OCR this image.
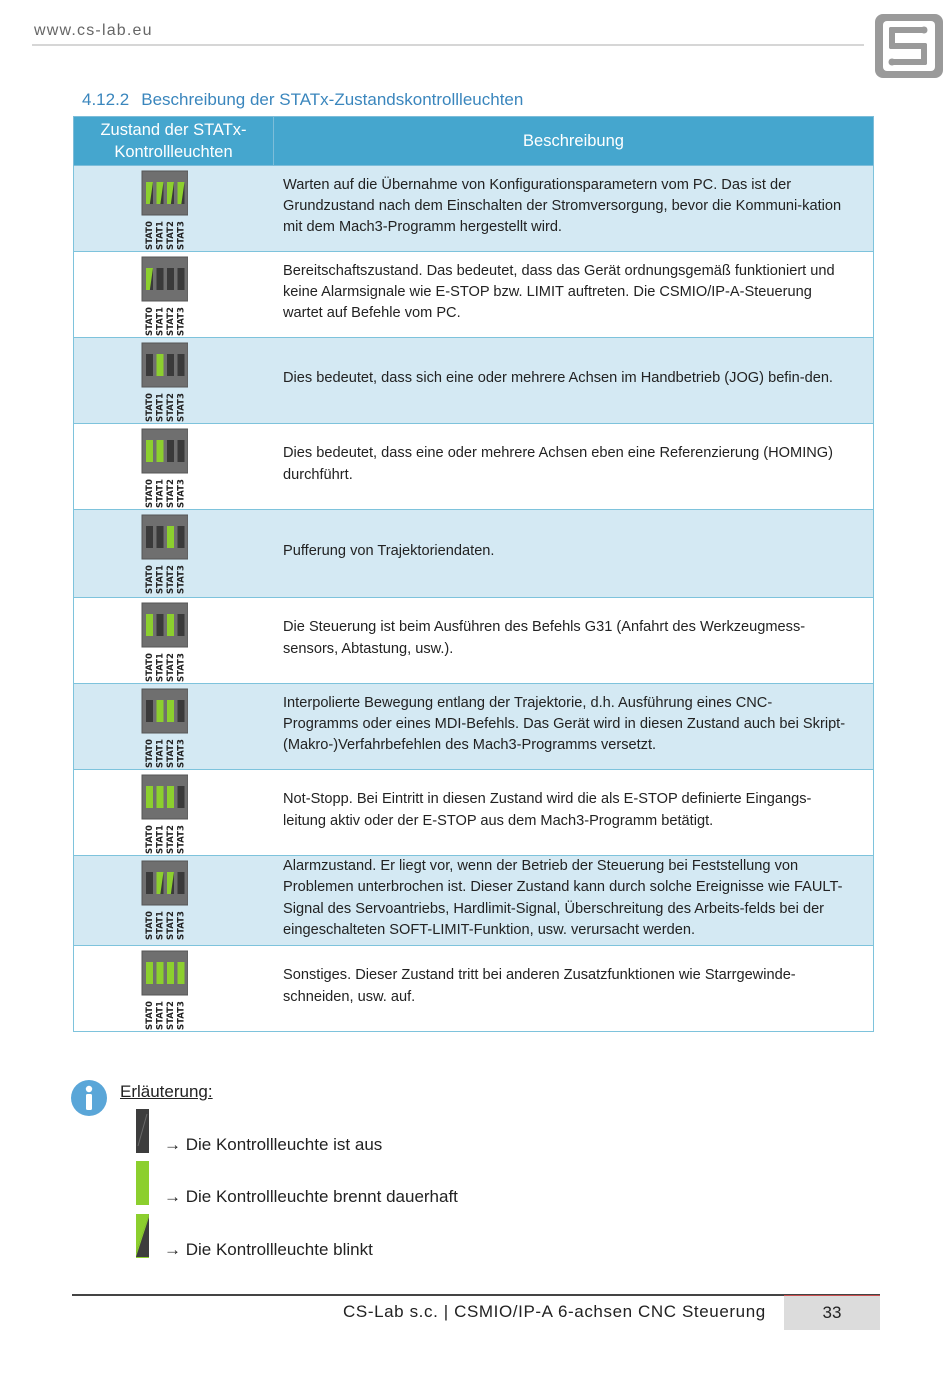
www.cs-lab.eu
4.12.2 Beschreibung der STATx-Zustandskontrollleuchten
Zustand der STATx-
Kontrollleuchten	Beschreibung

STAT0 STAT1 STAT2 STAT3
Warten auf die Übernahme von Konfigurationsparametern vom PC. Das ist der Grundzustand nach dem Einschalten der Stromversorgung, bevor die Kommuni-kation mit dem Mach3-Programm hergestellt wird.

STAT0 STAT1 STAT2 STAT3
Bereitschaftszustand. Das bedeutet, dass das Gerät ordnungsgemäß funktioniert und keine Alarmsignale wie E-STOP bzw. LIMIT auftreten. Die CSMIO/IP-A-Steuerung wartet auf Befehle vom PC.

STAT0 STAT1 STAT2 STAT3
Dies bedeutet, dass sich eine oder mehrere Achsen im Handbetrieb (JOG) befin-den.

STAT0 STAT1 STAT2 STAT3
Dies bedeutet, dass eine oder mehrere Achsen eben eine Referenzierung (HOMING) durchführt.

STAT0 STAT1 STAT2 STAT3
Pufferung von Trajektoriendaten.

STAT0 STAT1 STAT2 STAT3
Die Steuerung ist beim Ausführen des Befehls G31 (Anfahrt des Werkzeugmess-sensors, Abtastung, usw.).

STAT0 STAT1 STAT2 STAT3
Interpolierte Bewegung entlang der Trajektorie, d.h. Ausführung eines CNC-Programms oder eines MDI-Befehls. Das Gerät wird in diesen Zustand auch bei Skript-(Makro-)Verfahrbefehlen des Mach3-Programms versetzt.

STAT0 STAT1 STAT2 STAT3
Not-Stopp. Bei Eintritt in diesen Zustand wird die als E-STOP definierte Eingangs-leitung aktiv oder der E-STOP aus dem Mach3-Programm betätigt.

STAT0 STAT1 STAT2 STAT3
Alarmzustand. Er liegt vor, wenn der Betrieb der Steuerung bei Feststellung von Problemen unterbrochen ist. Dieser Zustand kann durch solche Ereignisse wie FAULT-Signal des Servoantriebs, Hardlimit-Signal, Überschreitung des Arbeits-felds bei der eingeschalteten SOFT-LIMIT-Funktion, usw. verursacht werden.

STAT0 STAT1 STAT2 STAT3
Sonstiges. Dieser Zustand tritt bei anderen Zusatzfunktionen wie Starrgewinde-schneiden, usw. auf.
Erläuterung:
→ Die Kontrollleuchte ist aus
→ Die Kontrollleuchte brennt dauerhaft
→ Die Kontrollleuchte blinkt
CS-Lab s.c. | CSMIO/IP-A 6-achsen CNC Steuerung	33
